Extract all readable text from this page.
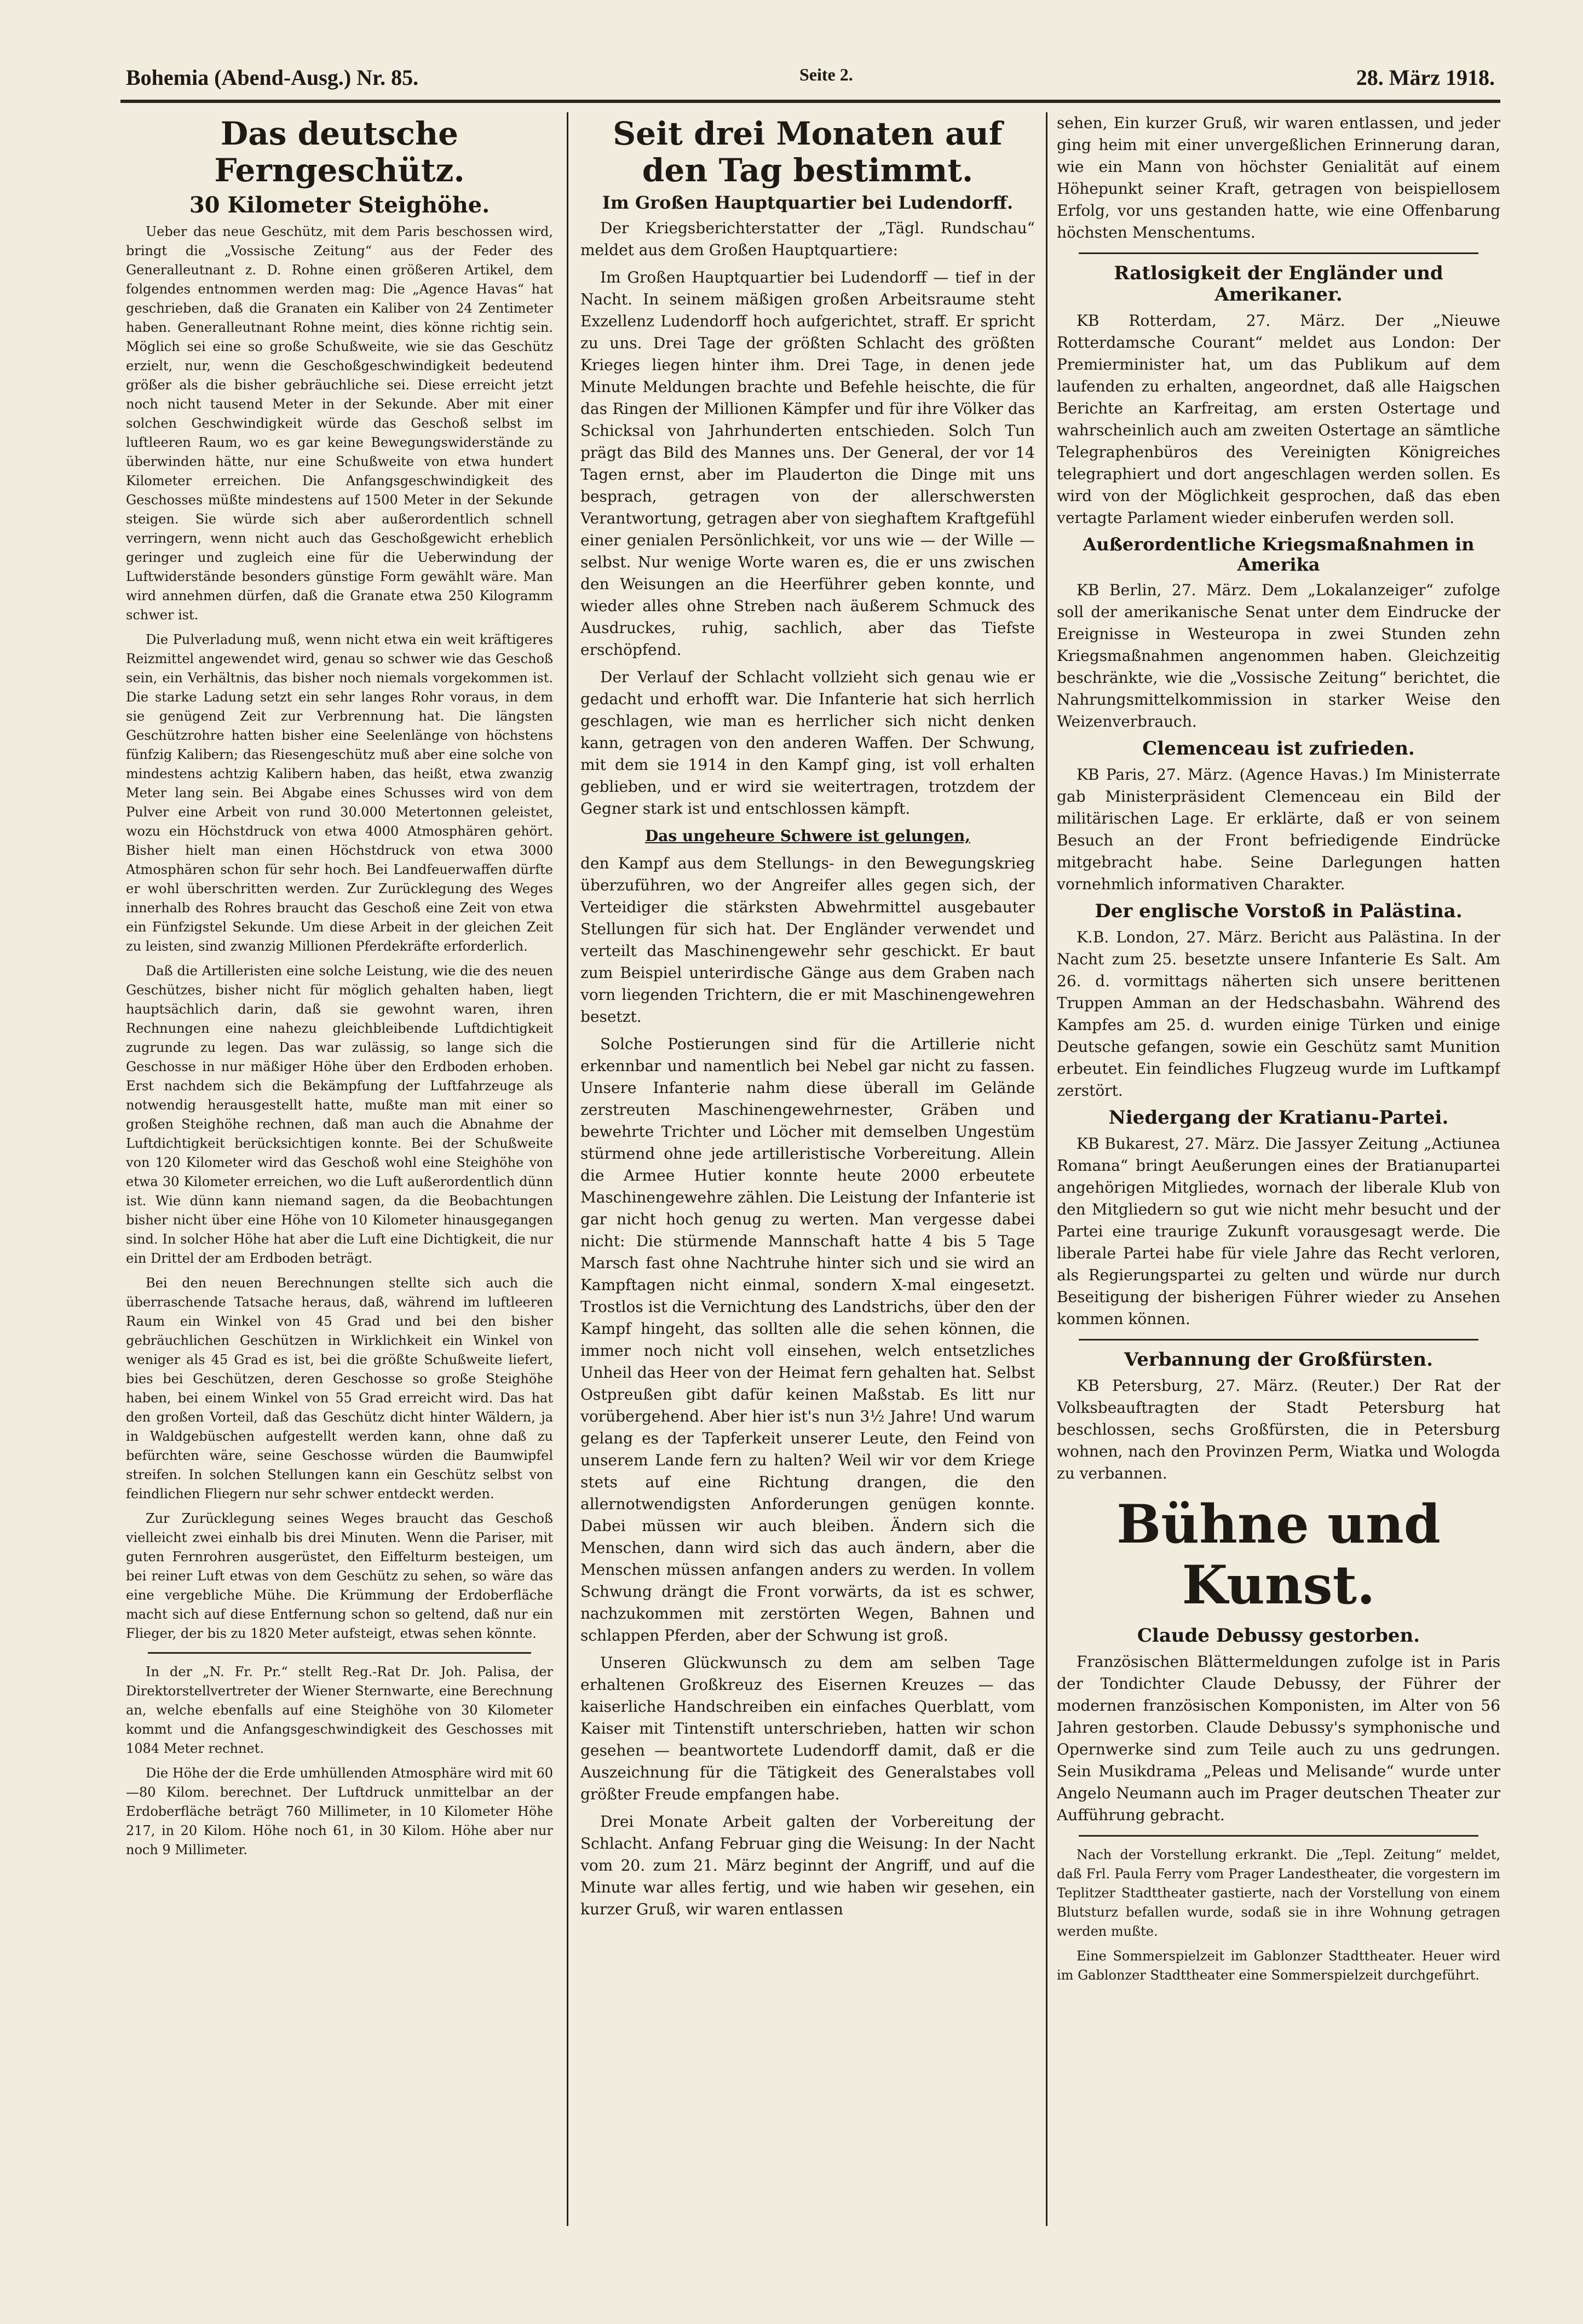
Bohemia (Abend-Ausg.) Nr. 85.	Seite 2.	28. März 1918.
Das deutsche Ferngeschütz.
30 Kilometer Steighöhe.

Ueber das neue Geschütz, mit dem Paris beschossen wird, bringt die „Vossische Zeitung“ aus der Feder des Generalleutnant z. D. Rohne einen größeren Artikel, dem folgendes entnommen werden mag: Die „Agence Havas“ hat geschrieben, daß die Granaten ein Kaliber von 24 Zentimeter haben. Generalleutnant Rohne meint, dies könne richtig sein. Möglich sei eine so große Schußweite, wie sie das Geschütz erzielt, nur, wenn die Geschoßgeschwindigkeit bedeutend größer als die bisher gebräuchliche sei. Diese erreicht jetzt noch nicht tausend Meter in der Sekunde. Aber mit einer solchen Geschwindigkeit würde das Geschoß selbst im luftleeren Raum, wo es gar keine Bewegungswiderstände zu überwinden hätte, nur eine Schußweite von etwa hundert Kilometer erreichen. Die Anfangsgeschwindigkeit des Geschosses müßte mindestens auf 1500 Meter in der Sekunde steigen. Sie würde sich aber außerordentlich schnell verringern, wenn nicht auch das Geschoßgewicht erheblich geringer und zugleich eine für die Ueberwindung der Luftwiderstände besonders günstige Form gewählt wäre. Man wird annehmen dürfen, daß die Granate etwa 250 Kilogramm schwer ist.

Die Pulverladung muß, wenn nicht etwa ein weit kräftigeres Reizmittel angewendet wird, genau so schwer wie das Geschoß sein, ein Verhältnis, das bisher noch niemals vorgekommen ist. Die starke Ladung setzt ein sehr langes Rohr voraus, in dem sie genügend Zeit zur Verbrennung hat. Die längsten Geschützrohre hatten bisher eine Seelenlänge von höchstens fünfzig Kalibern; das Riesengeschütz muß aber eine solche von mindestens achtzig Kalibern haben, das heißt, etwa zwanzig Meter lang sein. Bei Abgabe eines Schusses wird von dem Pulver eine Arbeit von rund 30.000 Metertonnen geleistet, wozu ein Höchstdruck von etwa 4000 Atmosphären gehört. Bisher hielt man einen Höchstdruck von etwa 3000 Atmosphären schon für sehr hoch. Bei Landfeuerwaffen dürfte er wohl überschritten werden. Zur Zurücklegung des Weges innerhalb des Rohres braucht das Geschoß eine Zeit von etwa ein Fünfzigstel Sekunde. Um diese Arbeit in der gleichen Zeit zu leisten, sind zwanzig Millionen Pferdekräfte erforderlich.

Daß die Artilleristen eine solche Leistung, wie die des neuen Geschützes, bisher nicht für möglich gehalten haben, liegt hauptsächlich darin, daß sie gewohnt waren, ihren Rechnungen eine nahezu gleichbleibende Luftdichtigkeit zugrunde zu legen. Das war zulässig, so lange sich die Geschosse in nur mäßiger Höhe über den Erdboden erhoben. Erst nachdem sich die Bekämpfung der Luftfahrzeuge als notwendig herausgestellt hatte, mußte man mit einer so großen Steighöhe rechnen, daß man auch die Abnahme der Luftdichtigkeit berücksichtigen konnte. Bei der Schußweite von 120 Kilometer wird das Geschoß wohl eine Steighöhe von etwa 30 Kilometer erreichen, wo die Luft außerordentlich dünn ist. Wie dünn kann niemand sagen, da die Beobachtungen bisher nicht über eine Höhe von 10 Kilometer hinausgegangen sind. In solcher Höhe hat aber die Luft eine Dichtigkeit, die nur ein Drittel der am Erdboden beträgt.

Bei den neuen Berechnungen stellte sich auch die überraschende Tatsache heraus, daß, während im luftleeren Raum ein Winkel von 45 Grad und bei den bisher gebräuchlichen Geschützen in Wirklichkeit ein Winkel von weniger als 45 Grad es ist, bei die größte Schußweite liefert, bies bei Geschützen, deren Geschosse so große Steighöhe haben, bei einem Winkel von 55 Grad erreicht wird. Das hat den großen Vorteil, daß das Geschütz dicht hinter Wäldern, ja in Waldgebüschen aufgestellt werden kann, ohne daß zu befürchten wäre, seine Geschosse würden die Baumwipfel streifen. In solchen Stellungen kann ein Geschütz selbst von feindlichen Fliegern nur sehr schwer entdeckt werden.

Zur Zurücklegung seines Weges braucht das Geschoß vielleicht zwei einhalb bis drei Minuten. Wenn die Pariser, mit guten Fernrohren ausgerüstet, den Eiffelturm besteigen, um bei reiner Luft etwas von dem Geschütz zu sehen, so wäre das eine vergebliche Mühe. Die Krümmung der Erdoberfläche macht sich auf diese Entfernung schon so geltend, daß nur ein Flieger, der bis zu 1820 Meter aufsteigt, etwas sehen könnte.

In der „N. Fr. Pr.“ stellt Reg.-Rat Dr. Joh. Palisa, der Direktorstellvertreter der Wiener Sternwarte, eine Berechnung an, welche ebenfalls auf eine Steighöhe von 30 Kilometer kommt und die Anfangsgeschwindigkeit des Geschosses mit 1084 Meter rechnet.

Die Höhe der die Erde umhüllenden Atmosphäre wird mit 60—80 Kilom. berechnet. Der Luftdruck unmittelbar an der Erdoberfläche beträgt 760 Millimeter, in 10 Kilometer Höhe 217, in 20 Kilom. Höhe noch 61, in 30 Kilom. Höhe aber nur noch 9 Millimeter.

Seit drei Monaten auf den Tag bestimmt.
Im Großen Hauptquartier bei Ludendorff.

Der Kriegsberichterstatter der „Tägl. Rundschau“ meldet aus dem Großen Hauptquartiere:

Im Großen Hauptquartier bei Ludendorff — tief in der Nacht. In seinem mäßigen großen Arbeitsraume steht Exzellenz Ludendorff hoch aufgerichtet, straff. Er spricht zu uns. Drei Tage der größten Schlacht des größten Krieges liegen hinter ihm. Drei Tage, in denen jede Minute Meldungen brachte und Befehle heischte, die für das Ringen der Millionen Kämpfer und für ihre Völker das Schicksal von Jahrhunderten entschieden. Solch Tun prägt das Bild des Mannes uns. Der General, der vor 14 Tagen ernst, aber im Plauderton die Dinge mit uns besprach, getragen von der allerschwersten Verantwortung, getragen aber von sieghaftem Kraftgefühl einer genialen Persönlichkeit, vor uns wie — der Wille — selbst. Nur wenige Worte waren es, die er uns zwischen den Weisungen an die Heerführer geben konnte, und wieder alles ohne Streben nach äußerem Schmuck des Ausdruckes, ruhig, sachlich, aber das Tiefste erschöpfend.

Der Verlauf der Schlacht vollzieht sich genau wie er gedacht und erhofft war. Die Infanterie hat sich herrlich geschlagen, wie man es herrlicher sich nicht denken kann, getragen von den anderen Waffen. Der Schwung, mit dem sie 1914 in den Kampf ging, ist voll erhalten geblieben, und er wird sie weitertragen, trotzdem der Gegner stark ist und entschlossen kämpft.

Das ungeheure Schwere ist gelungen,

den Kampf aus dem Stellungs- in den Bewegungskrieg überzuführen, wo der Angreifer alles gegen sich, der Verteidiger die stärksten Abwehrmittel ausgebauter Stellungen für sich hat. Der Engländer verwendet und verteilt das Maschinengewehr sehr geschickt. Er baut zum Beispiel unterirdische Gänge aus dem Graben nach vorn liegenden Trichtern, die er mit Maschinengewehren besetzt.

Solche Postierungen sind für die Artillerie nicht erkennbar und namentlich bei Nebel gar nicht zu fassen. Unsere Infanterie nahm diese überall im Gelände zerstreuten Maschinengewehrnester, Gräben und bewehrte Trichter und Löcher mit demselben Ungestüm stürmend ohne jede artilleristische Vorbereitung. Allein die Armee Hutier konnte heute 2000 erbeutete Maschinengewehre zählen. Die Leistung der Infanterie ist gar nicht hoch genug zu werten. Man vergesse dabei nicht: Die stürmende Mannschaft hatte 4 bis 5 Tage Marsch fast ohne Nachtruhe hinter sich und sie wird an Kampftagen nicht einmal, sondern X-mal eingesetzt. Trostlos ist die Vernichtung des Landstrichs, über den der Kampf hingeht, das sollten alle die sehen können, die immer noch nicht voll einsehen, welch entsetzliches Unheil das Heer von der Heimat fern gehalten hat. Selbst Ostpreußen gibt dafür keinen Maßstab. Es litt nur vorübergehend. Aber hier ist's nun 3½ Jahre! Und warum gelang es der Tapferkeit unserer Leute, den Feind von unserem Lande fern zu halten? Weil wir vor dem Kriege stets auf eine Richtung drangen, die den allernotwendigsten Anforderungen genügen konnte. Dabei müssen wir auch bleiben. Ändern sich die Menschen, dann wird sich das auch ändern, aber die Menschen müssen anfangen anders zu werden. In vollem Schwung drängt die Front vorwärts, da ist es schwer, nachzukommen mit zerstörten Wegen, Bahnen und schlappen Pferden, aber der Schwung ist groß.

Unseren Glückwunsch zu dem am selben Tage erhaltenen Großkreuz des Eisernen Kreuzes — das kaiserliche Handschreiben ein einfaches Querblatt, vom Kaiser mit Tintenstift unterschrieben, hatten wir schon gesehen — beantwortete Ludendorff damit, daß er die Auszeichnung für die Tätigkeit des Generalstabes voll größter Freude empfangen habe.

Drei Monate Arbeit galten der Vorbereitung der Schlacht. Anfang Februar ging die Weisung: In der Nacht vom 20. zum 21. März beginnt der Angriff, und auf die Minute war alles fertig, und wie haben wir gesehen, ein kurzer Gruß, wir waren entlassen

sehen, Ein kurzer Gruß, wir waren entlassen, und jeder ging heim mit einer unvergeßlichen Erinnerung daran, wie ein Mann von höchster Genialität auf einem Höhepunkt seiner Kraft, getragen von beispiellosem Erfolg, vor uns gestanden hatte, wie eine Offenbarung höchsten Menschentums.

Ratlosigkeit der Engländer und Amerikaner.

KB Rotterdam, 27. März. Der „Nieuwe Rotterdamsche Courant“ meldet aus London: Der Premierminister hat, um das Publikum auf dem laufenden zu erhalten, angeordnet, daß alle Haigschen Berichte an Karfreitag, am ersten Ostertage und wahrscheinlich auch am zweiten Ostertage an sämtliche Telegraphenbüros des Vereinigten Königreiches telegraphiert und dort angeschlagen werden sollen. Es wird von der Möglichkeit gesprochen, daß das eben vertagte Parlament wieder einberufen werden soll.

Außerordentliche Kriegsmaßnahmen in Amerika

KB Berlin, 27. März. Dem „Lokalanzeiger“ zufolge soll der amerikanische Senat unter dem Eindrucke der Ereignisse in Westeuropa in zwei Stunden zehn Kriegsmaßnahmen angenommen haben. Gleichzeitig beschränkte, wie die „Vossische Zeitung“ berichtet, die Nahrungsmittelkommission in starker Weise den Weizenverbrauch.

Clemenceau ist zufrieden.

KB Paris, 27. März. (Agence Havas.) Im Ministerrate gab Ministerpräsident Clemenceau ein Bild der militärischen Lage. Er erklärte, daß er von seinem Besuch an der Front befriedigende Eindrücke mitgebracht habe. Seine Darlegungen hatten vornehmlich informativen Charakter.

Der englische Vorstoß in Palästina.

K.B. London, 27. März. Bericht aus Palästina. In der Nacht zum 25. besetzte unsere Infanterie Es Salt. Am 26. d. vormittags näherten sich unsere berittenen Truppen Amman an der Hedschasbahn. Während des Kampfes am 25. d. wurden einige Türken und einige Deutsche gefangen, sowie ein Geschütz samt Munition erbeutet. Ein feindliches Flugzeug wurde im Luftkampf zerstört.

Niedergang der Kratianu-Partei.

KB Bukarest, 27. März. Die Jassyer Zeitung „Actiunea Romana“ bringt Aeußerungen eines der Bratianupartei angehörigen Mitgliedes, wornach der liberale Klub von den Mitgliedern so gut wie nicht mehr besucht und der Partei eine traurige Zukunft vorausgesagt werde. Die liberale Partei habe für viele Jahre das Recht verloren, als Regierungspartei zu gelten und würde nur durch Beseitigung der bisherigen Führer wieder zu Ansehen kommen können.

Verbannung der Großfürsten.

KB Petersburg, 27. März. (Reuter.) Der Rat der Volksbeauftragten der Stadt Petersburg hat beschlossen, sechs Großfürsten, die in Petersburg wohnen, nach den Provinzen Perm, Wiatka und Wologda zu verbannen.

Bühne und Kunst.
Claude Debussy gestorben.

Französischen Blättermeldungen zufolge ist in Paris der Tondichter Claude Debussy, der Führer der modernen französischen Komponisten, im Alter von 56 Jahren gestorben. Claude Debussy's symphonische und Opernwerke sind zum Teile auch zu uns gedrungen. Sein Musikdrama „Peleas und Melisande“ wurde unter Angelo Neumann auch im Prager deutschen Theater zur Aufführung gebracht.

Nach der Vorstellung erkrankt. Die „Tepl. Zeitung“ meldet, daß Frl. Paula Ferry vom Prager Landestheater, die vorgestern im Teplitzer Stadttheater gastierte, nach der Vorstellung von einem Blutsturz befallen wurde, sodaß sie in ihre Wohnung getragen werden mußte.

Eine Sommerspielzeit im Gablonzer Stadttheater. Heuer wird im Gablonzer Stadttheater eine Sommerspielzeit durchgeführt.
